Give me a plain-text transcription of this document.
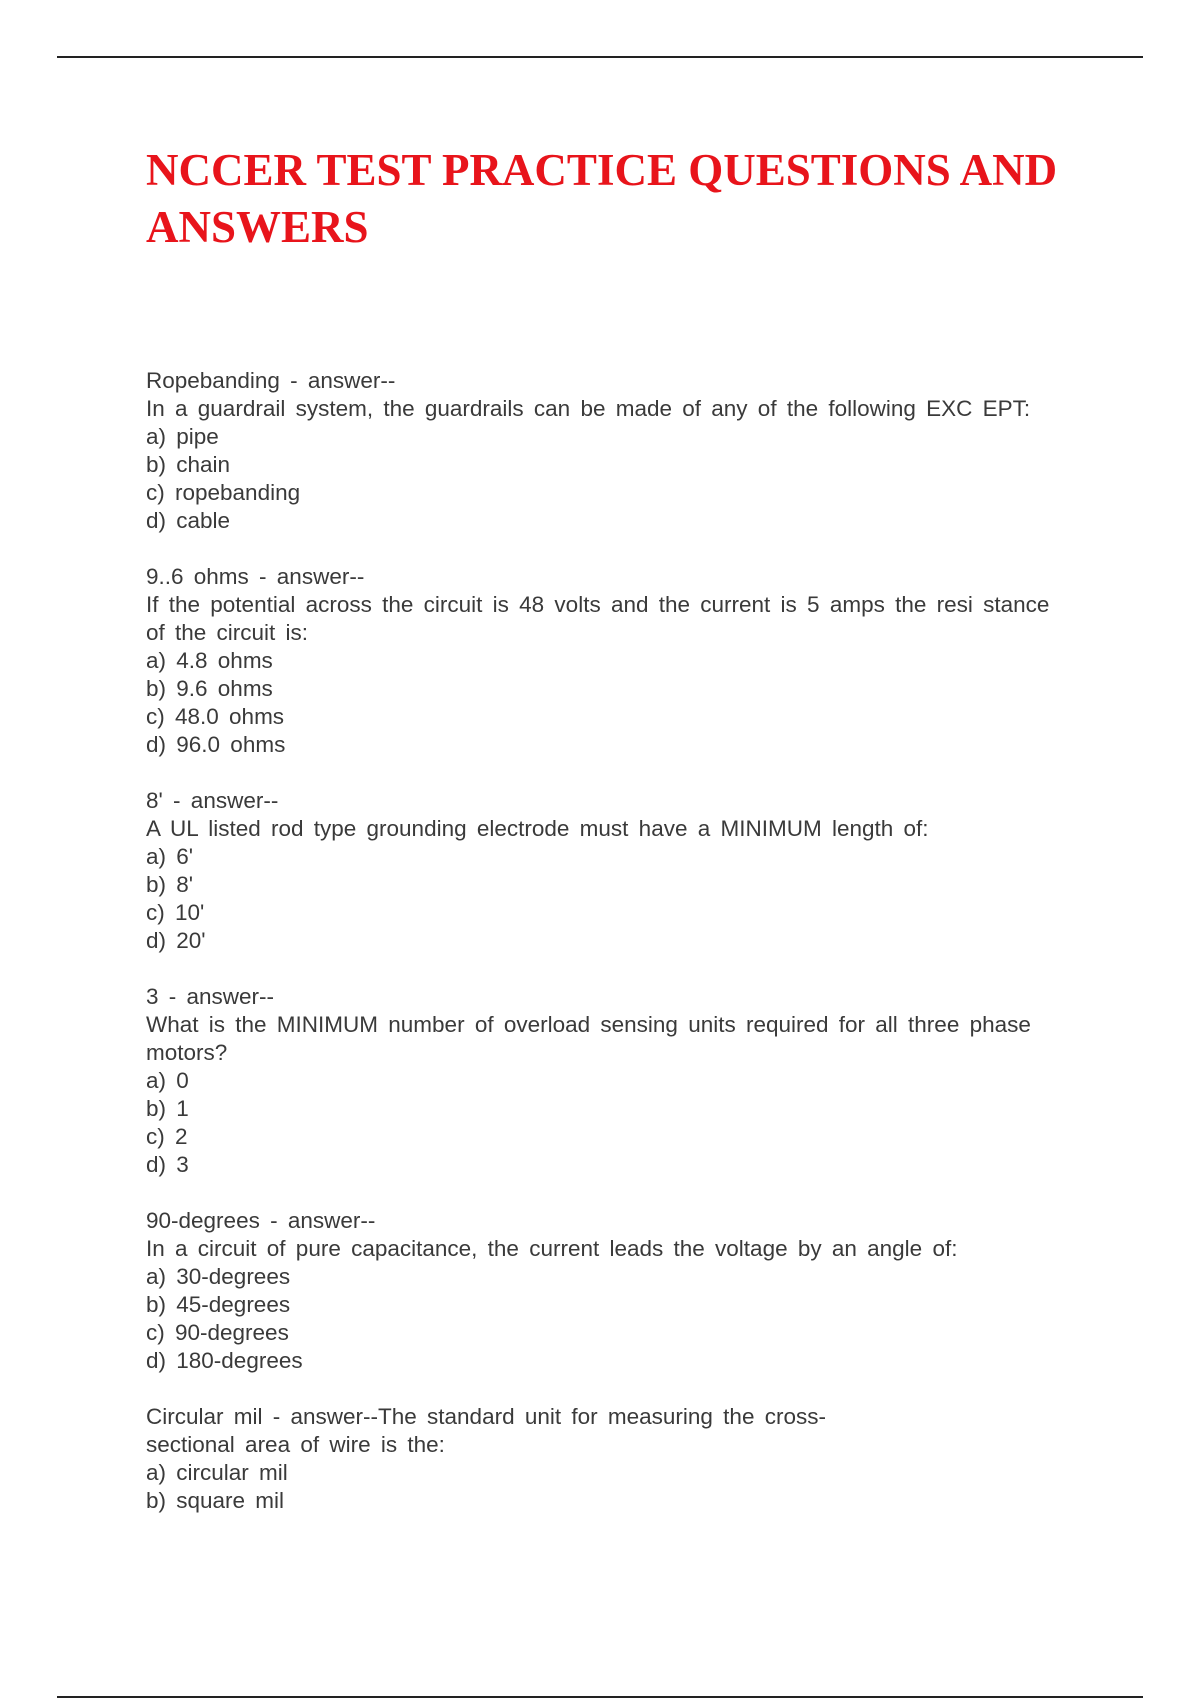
NCCER TEST PRACTICE QUESTIONS AND ANSWERS
Ropebanding - answer--
In a guardrail system, the guardrails can be made of any of the following EXC EPT:
a) pipe
b) chain
c) ropebanding
d) cable
9..6 ohms - answer--
If the potential across the circuit is 48 volts and the current is 5 amps the resi stance of the circuit is:
a) 4.8 ohms
b) 9.6 ohms
c) 48.0 ohms
d) 96.0 ohms
8' - answer--
A UL listed rod type grounding electrode must have a MINIMUM length of:
a) 6'
b) 8'
c) 10'
d) 20'
3 - answer--
What is the MINIMUM number of overload sensing units required for all three phase motors?
a) 0
b) 1
c) 2
d) 3
90-degrees - answer--
In a circuit of pure capacitance, the current leads the voltage by an angle of:
a) 30-degrees
b) 45-degrees
c) 90-degrees
d) 180-degrees
Circular mil - answer--The standard unit for measuring the cross-
sectional area of wire is the:
a) circular mil
b) square mil
